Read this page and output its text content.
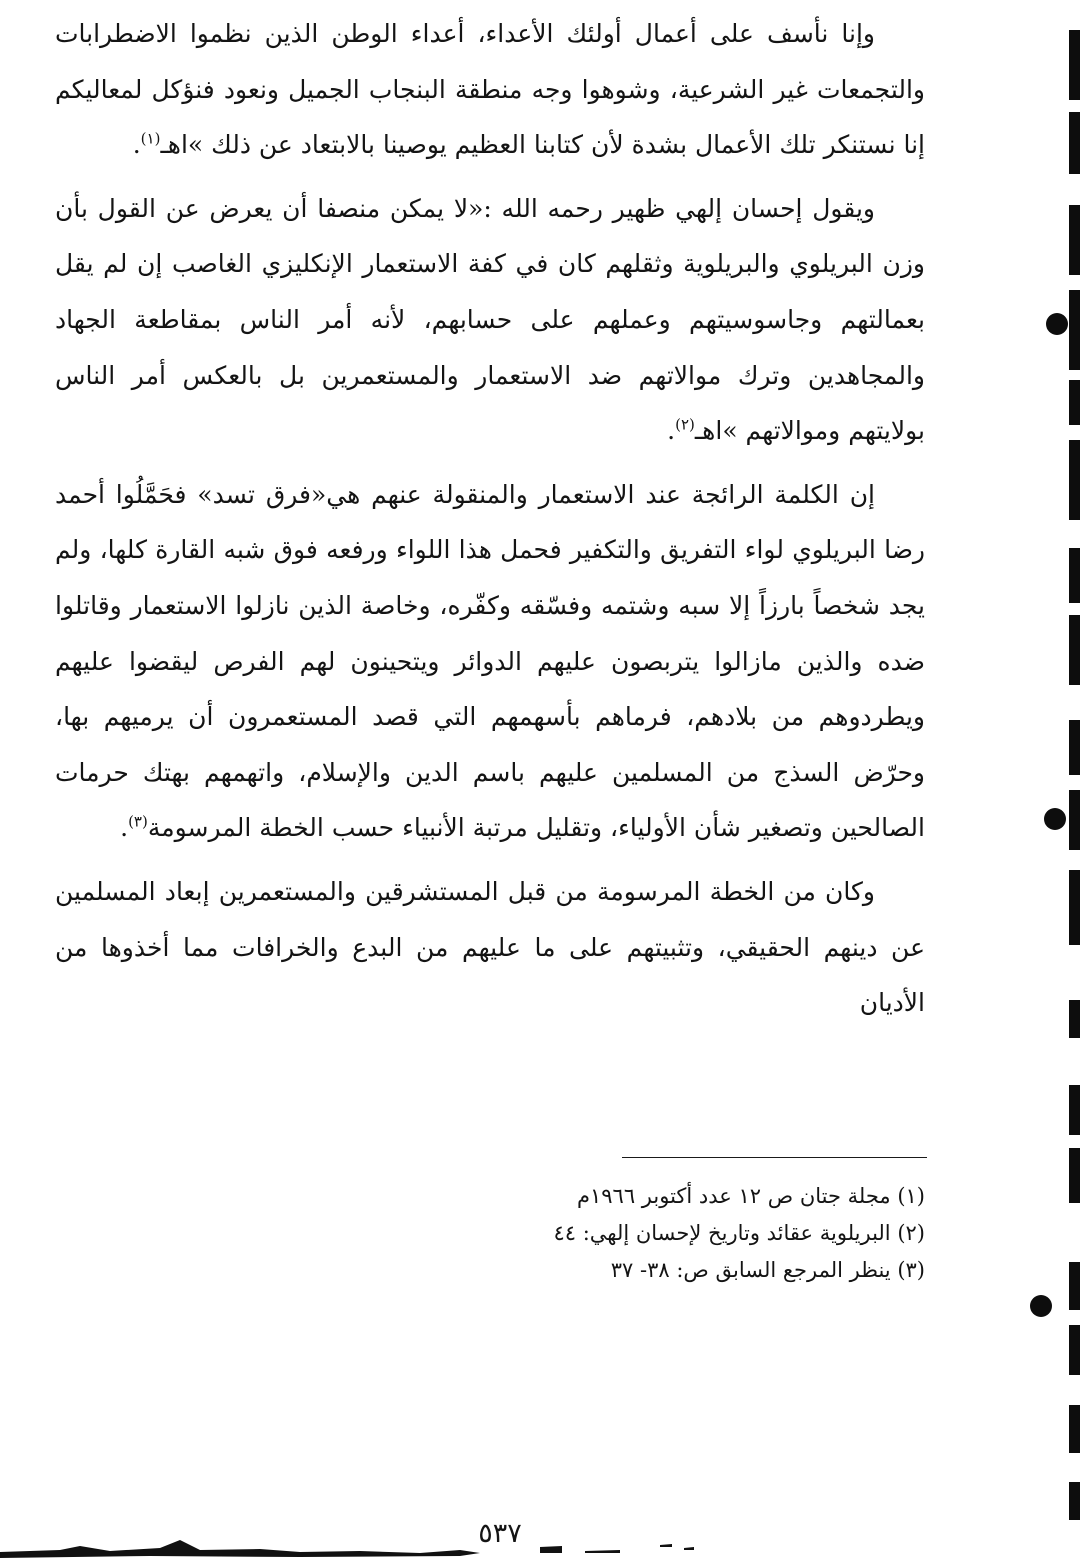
وإنا نأسف على أعمال أولئك الأعداء، أعداء الوطن الذين نظموا الاضطرابات والتجمعات غير الشرعية، وشوهوا وجه منطقة البنجاب الجميل ونعود فنؤكل لمعاليكم إنا نستنكر تلك الأعمال بشدة لأن كتابنا العظيم يوصينا بالابتعاد عن ذلك »اهـ$^{(١)}$.

ويقول إحسان إلهي ظهير رحمه الله :«لا يمكن منصفا أن يعرض عن القول بأن وزن البريلوي والبريلوية وثقلهم كان في كفة الاستعمار الإنكليزي الغاصب إن لم يقل بعمالتهم وجاسوسيتهم وعملهم على حسابهم، لأنه أمر الناس بمقاطعة الجهاد والمجاهدين وترك موالاتهم ضد الاستعمار والمستعمرين بل بالعكس أمر الناس بولايتهم وموالاتهم »اهـ$^{(٢)}$.

إن الكلمة الرائجة عند الاستعمار والمنقولة عنهم هي«فرق تسد» فحَمَّلُوا أحمد رضا البريلوي لواء التفريق والتكفير فحمل هذا اللواء ورفعه فوق شبه القارة كلها، ولم يجد شخصاً بارزاً إلا سبه وشتمه وفسّقه وكفّره، وخاصة الذين نازلوا الاستعمار وقاتلوا ضده والذين مازالوا يتربصون عليهم الدوائر ويتحينون لهم الفرص ليقضوا عليهم ويطردوهم من بلادهم، فرماهم بأسهمهم التي قصد المستعمرون أن يرميهم بها، وحرّض السذج من المسلمين عليهم باسم الدين والإسلام، واتهمهم بهتك حرمات الصالحين وتصغير شأن الأولياء، وتقليل مرتبة الأنبياء حسب الخطة المرسومة$^{(٣)}$.

وكان من الخطة المرسومة من قبل المستشرقين والمستعمرين إبعاد المسلمين عن دينهم الحقيقي، وتثبيتهم على ما عليهم من البدع والخرافات مما أخذوها من الأديان

(١) مجلة جتان ص ١٢ عدد أكتوبر ١٩٦٦م
(٢) البريلوية عقائد وتاريخ لإحسان إلهي: ٤٤
(٣) ينظر المرجع السابق ص: ٣٨- ٣٧
٥٣٧
